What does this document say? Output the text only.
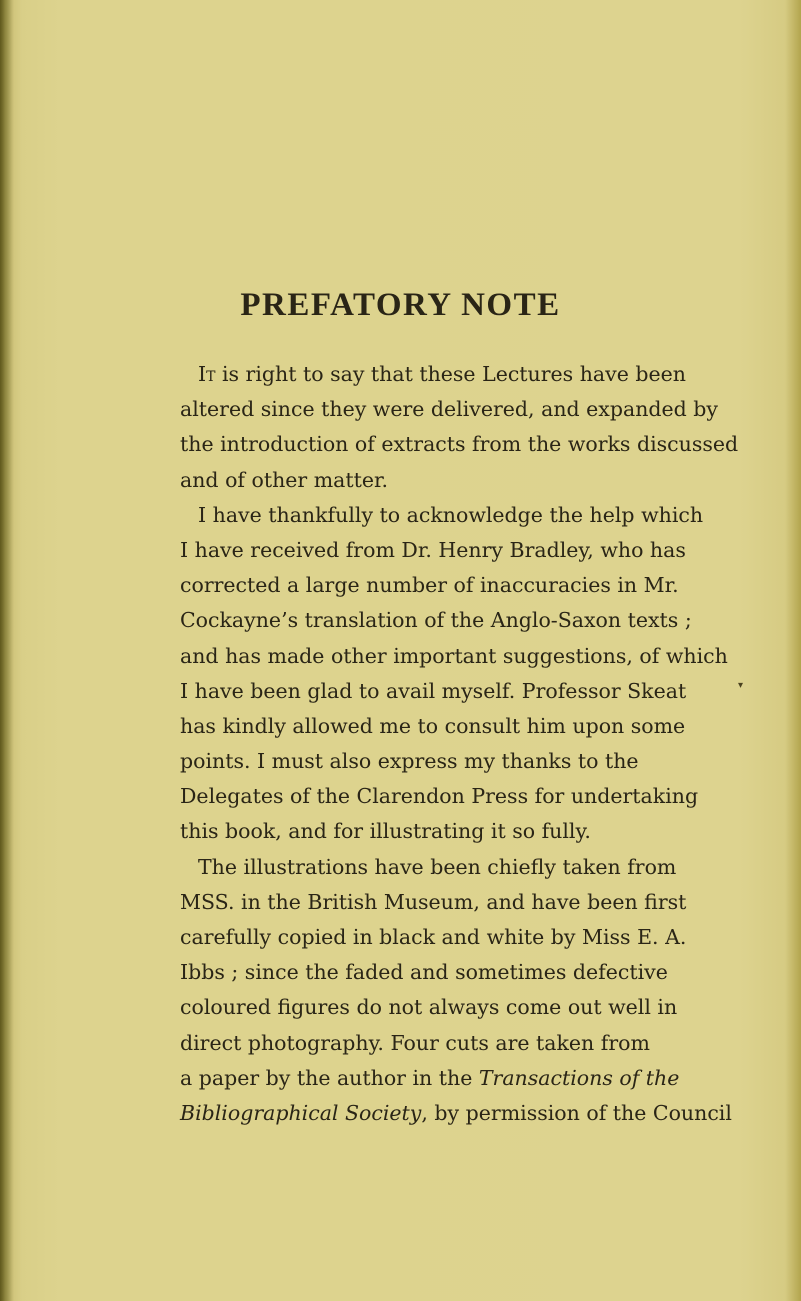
PREFATORY NOTE
It is right to say that these Lectures have been
altered since they were delivered, and expanded by
the introduction of extracts from the works discussed
and of other matter.
I have thankfully to acknowledge the help which
I have received from Dr. Henry Bradley, who has
corrected a large number of inaccuracies in Mr.
Cockayne’s translation of the Anglo-Saxon texts ;
and has made other important suggestions, of which
I have been glad to avail myself. Professor Skeat
has kindly allowed me to consult him upon some
points. I must also express my thanks to the
Delegates of the Clarendon Press for undertaking
this book, and for illustrating it so fully.
The illustrations have been chiefly taken from
MSS. in the British Museum, and have been first
carefully copied in black and white by Miss E. A.
Ibbs ; since the faded and sometimes defective
coloured figures do not always come out well in
direct photography. Four cuts are taken from
a paper by the author in the Transactions of the
Bibliographical Society, by permission of the Council
▾
